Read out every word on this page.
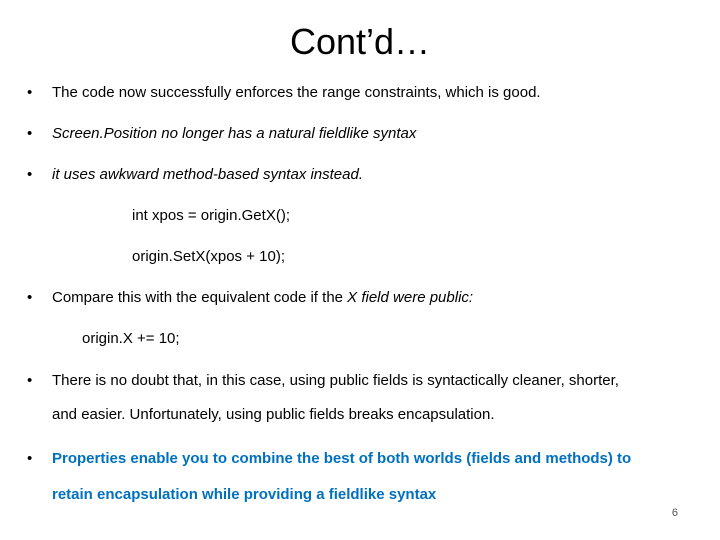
Cont’d…
• The code now successfully enforces the range constraints, which is good.
• Screen.Position no longer has a natural fieldlike syntax
• it uses awkward method-based syntax instead.
int xpos = origin.GetX();
origin.SetX(xpos + 10);
• Compare this with the equivalent code if the X field were public:
origin.X += 10;
• There is no doubt that, in this case, using public fields is syntactically cleaner, shorter,
and easier. Unfortunately, using public fields breaks encapsulation.
• Properties enable you to combine the best of both worlds (fields and methods) to
retain encapsulation while providing a fieldlike syntax
6
